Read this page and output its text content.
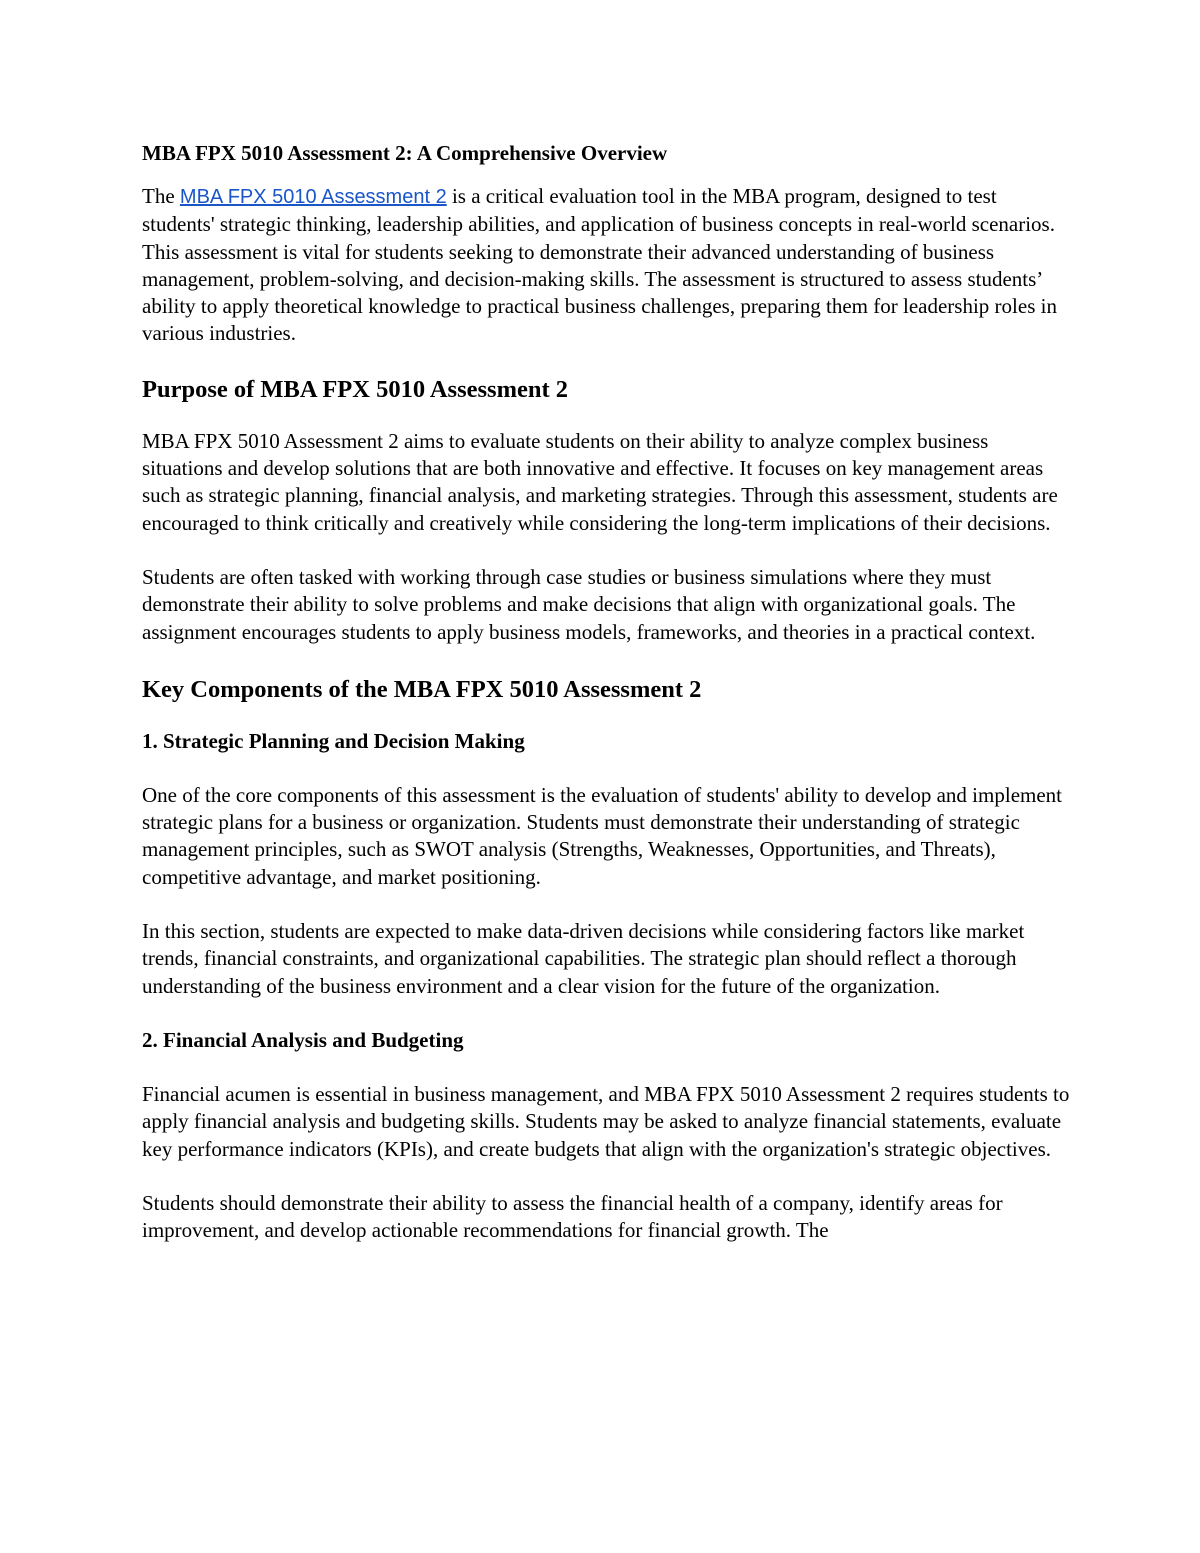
MBA FPX 5010 Assessment 2: A Comprehensive Overview

The MBA FPX 5010 Assessment 2 is a critical evaluation tool in the MBA program, designed to test students' strategic thinking, leadership abilities, and application of business concepts in real-world scenarios. This assessment is vital for students seeking to demonstrate their advanced understanding of business management, problem-solving, and decision-making skills. The assessment is structured to assess students’ ability to apply theoretical knowledge to practical business challenges, preparing them for leadership roles in various industries.

Purpose of MBA FPX 5010 Assessment 2

MBA FPX 5010 Assessment 2 aims to evaluate students on their ability to analyze complex business situations and develop solutions that are both innovative and effective. It focuses on key management areas such as strategic planning, financial analysis, and marketing strategies. Through this assessment, students are encouraged to think critically and creatively while considering the long-term implications of their decisions.

Students are often tasked with working through case studies or business simulations where they must demonstrate their ability to solve problems and make decisions that align with organizational goals. The assignment encourages students to apply business models, frameworks, and theories in a practical context.

Key Components of the MBA FPX 5010 Assessment 2
1. Strategic Planning and Decision Making

One of the core components of this assessment is the evaluation of students' ability to develop and implement strategic plans for a business or organization. Students must demonstrate their understanding of strategic management principles, such as SWOT analysis (Strengths, Weaknesses, Opportunities, and Threats), competitive advantage, and market positioning.

In this section, students are expected to make data-driven decisions while considering factors like market trends, financial constraints, and organizational capabilities. The strategic plan should reflect a thorough understanding of the business environment and a clear vision for the future of the organization.

2. Financial Analysis and Budgeting

Financial acumen is essential in business management, and MBA FPX 5010 Assessment 2 requires students to apply financial analysis and budgeting skills. Students may be asked to analyze financial statements, evaluate key performance indicators (KPIs), and create budgets that align with the organization's strategic objectives.

Students should demonstrate their ability to assess the financial health of a company, identify areas for improvement, and develop actionable recommendations for financial growth. The
